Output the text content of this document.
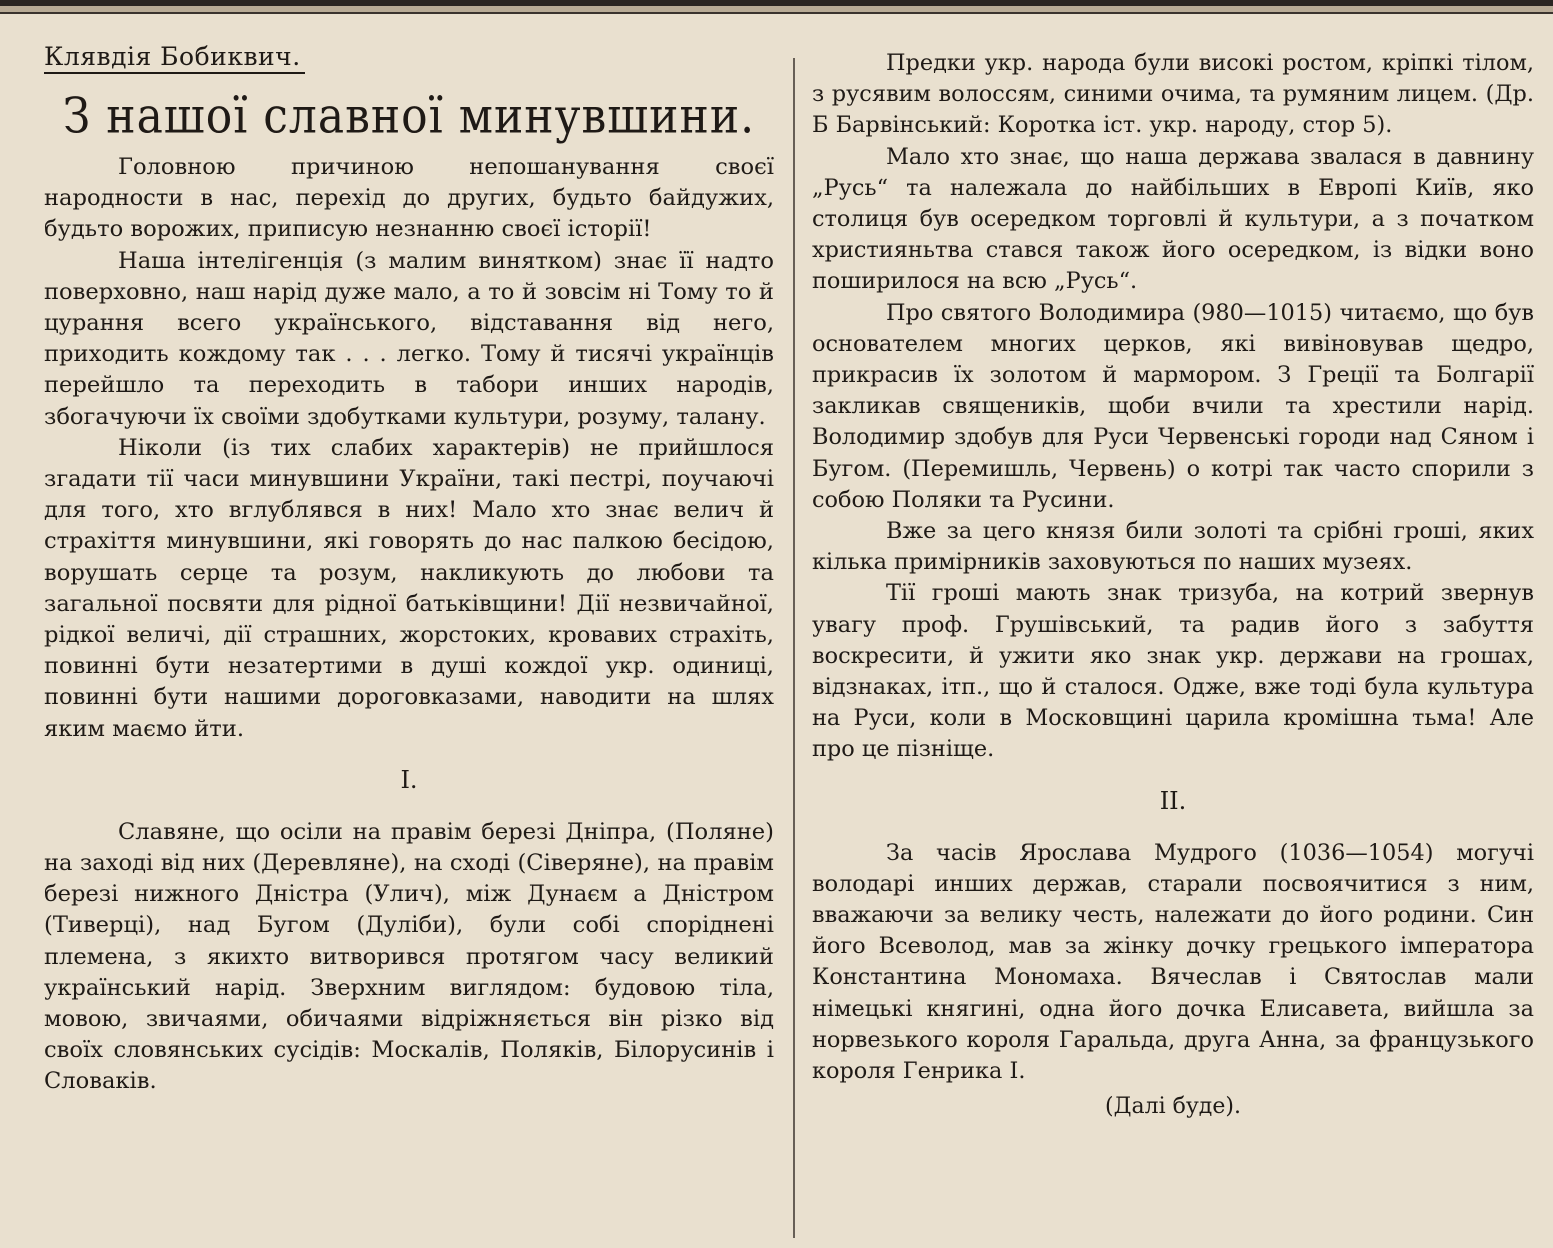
Клявдія Бобиквич.
З нашої славної минувшини.

Головною причиною непошанування своєї народности в нас, перехід до других, будьто байдужих, будьто ворожих, приписую незнанню своєї історії!

Наша інтелігенція (з малим винятком) знає її надто поверховно, наш нарід дуже мало, а то й зовсім ні Тому то й цурання всего українського, відставання від него, приходить кождому так . . . легко. Тому й тисячі українців перейшло та переходить в табори инших народів, збогачуючи їх своїми здобутками культури, розуму, талану.

Ніколи (із тих слабих характерів) не прийшлося згадати тії часи минувшини України, такі пестрі, поучаючі для того, хто вглублявся в них! Мало хто знає велич й страхіття минувшини, які говорять до нас палкою бесідою, ворушать серце та розум, накликують до любови та загальної посвяти для рідної батьківщини! Дії незвичайної, рідкої величі, дії страшних, жорстоких, кровавих страхіть, повинні бути незатертими в душі кождої укр. одиниці, повинні бути нашими дороговказами, наводити на шлях яким маємо йти.

I.

Славяне, що осіли на правім березі Дніпра, (Поляне) на заході від них (Деревляне), на сході (Сіверяне), на правім березі нижного Дністра (Улич), між Дунаєм а Дністром (Тиверці), над Бугом (Дуліби), були собі споріднені племена, з якихто витворився протягом часу великий український нарід. Зверхним виглядом: будовою тіла, мовою, звичаями, обичаями відріжняється він різко від своїх словянських сусідів: Москалів, Поляків, Білорусинів і Словаків.

Предки укр. народа були високі ростом, кріпкі тілом, з русявим волоссям, синими очима, та румяним лицем. (Др. Б Барвінський: Коротка іст. укр. народу, стор 5).

Мало хто знає, що наша держава звалася в давнину „Русь“ та належала до найбільших в Европі Київ, яко столиця був осередком торговлі й культури, а з початком християньтва стався також його осередком, із відки воно поширилося на всю „Русь“.

Про святого Володимира (980—1015) читаємо, що був основателем многих церков, які вивіновував щедро, прикрасив їх золотом й мармором. З Греції та Болгарії закликав священиків, щоби вчили та хрестили нарід. Володимир здобув для Руси Червенські городи над Сяном і Бугом. (Перемишль, Червень) о котрі так часто спорили з собою Поляки та Русини.

Вже за цего князя били золоті та срібні гроші, яких кілька примірників заховуються по наших музеях.

Тії гроші мають знак тризуба, на котрий звернув увагу проф. Грушівський, та радив його з забуття воскресити, й ужити яко знак укр. держави на грошах, відзнаках, ітп., що й сталося. Одже, вже тоді була культура на Руси, коли в Московщині царила кромішна тьма! Але про це пізніще.

II.

За часів Ярослава Мудрого (1036—1054) могучі володарі инших держав, старали посвоячитися з ним, вважаючи за велику честь, належати до його родини. Син його Всеволод, мав за жінку дочку грецького імператора Константина Мономаха. Вячеслав і Святослав мали німецькі княгині, одна його дочка Елисавета, вийшла за норвезького короля Гаральда, друга Анна, за французького короля Генрика І.

(Далі буде).
